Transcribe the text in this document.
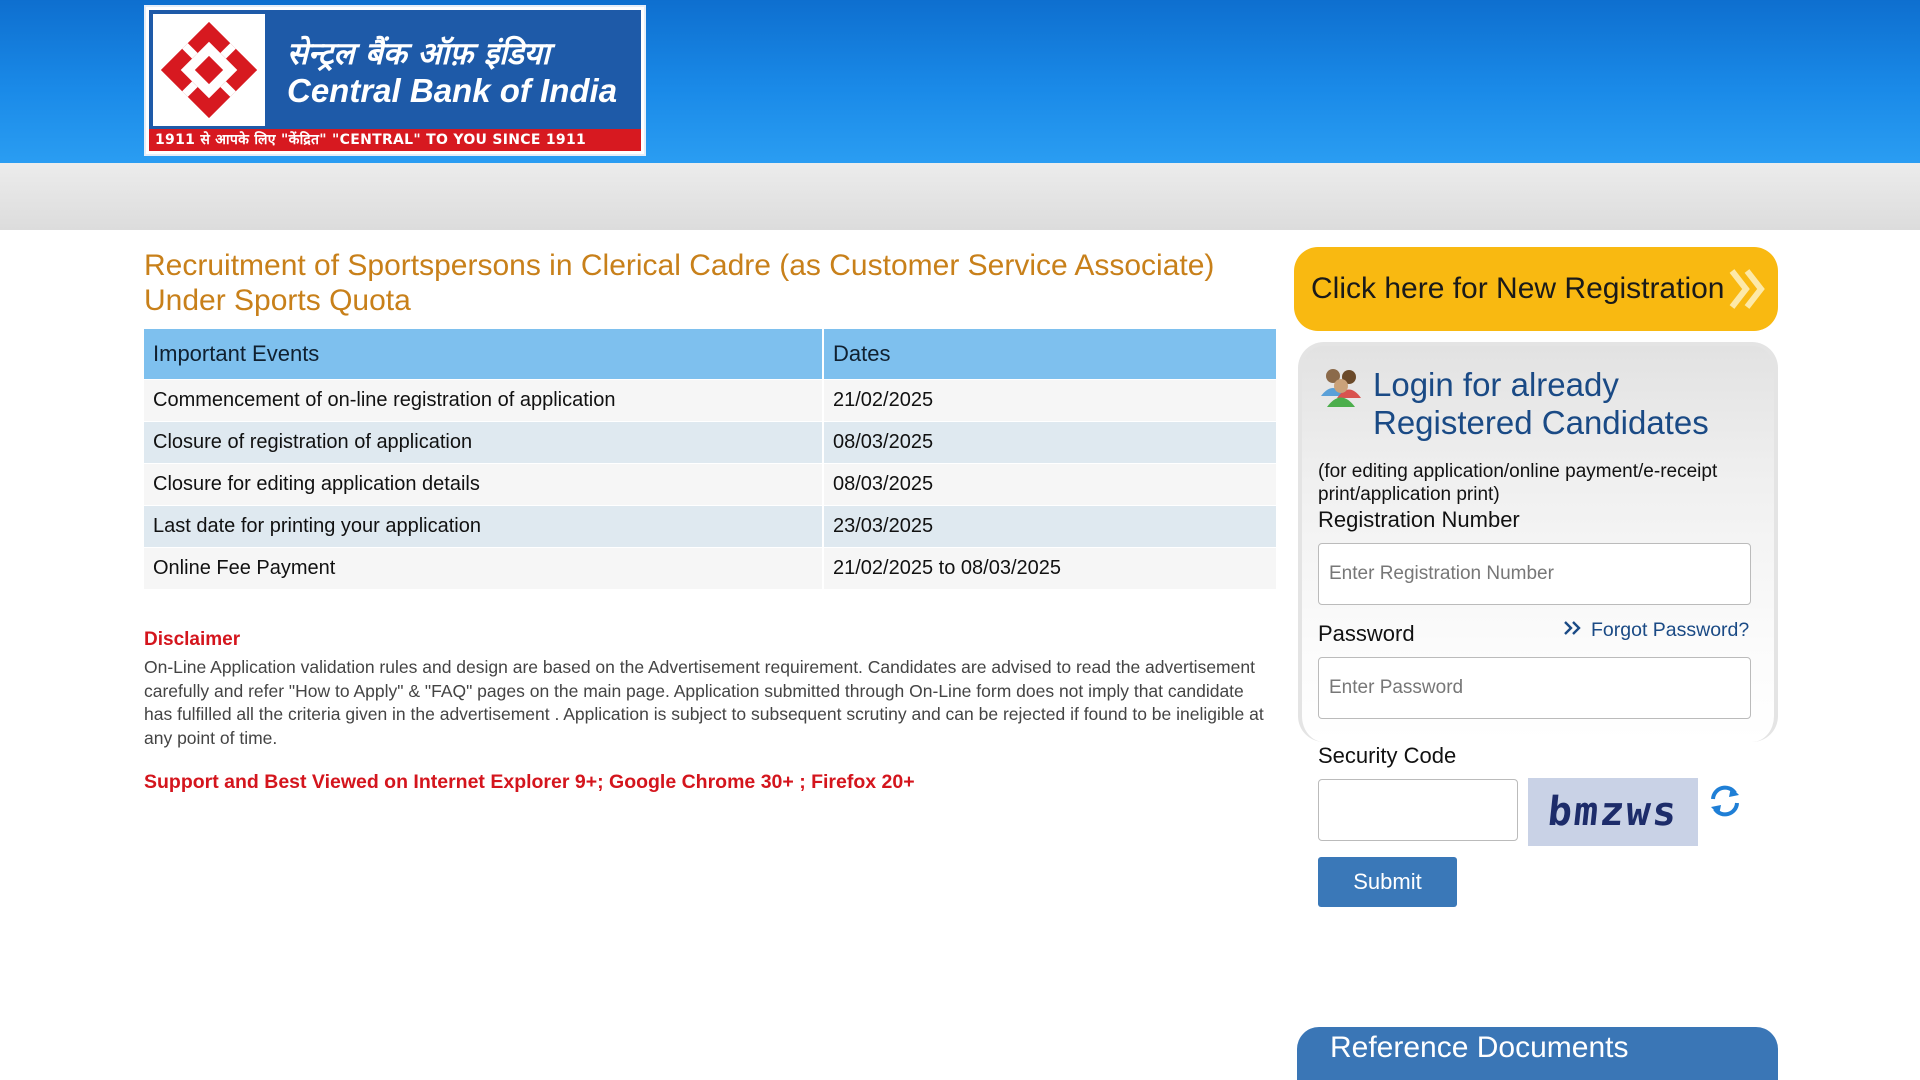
सेन्ट्रल बैंक ऑफ़ इंडिया
Central Bank of India
1911 से आपके लिए "केंद्रित" "CENTRAL" TO YOU SINCE 1911
Recruitment of Sportspersons in Clerical Cadre (as Customer Service Associate) Under Sports Quota
Important Events	Dates
Commencement of on-line registration of application	21/02/2025
Closure of registration of application	08/03/2025
Closure for editing application details	08/03/2025
Last date for printing your application	23/03/2025
Online Fee Payment	21/02/2025 to 08/03/2025
Disclaimer
On-Line Application validation rules and design are based on the Advertisement requirement. Candidates are advised to read the advertisement carefully and refer "How to Apply" & "FAQ" pages on the main page. Application submitted through On-Line form does not imply that candidate has fulfilled all the criteria given in the advertisement . Application is subject to subsequent scrutiny and can be rejected if found to be ineligible at any point of time.
Support and Best Viewed on Internet Explorer 9+; Google Chrome 30+ ; Firefox 20+
Click here for New Registration
Login for already Registered Candidates
(for editing application/online payment/e-receipt print/application print)
Registration Number
Enter Registration Number
Password	Forgot Password?
Security Code
bmzws
Submit
Reference Documents
